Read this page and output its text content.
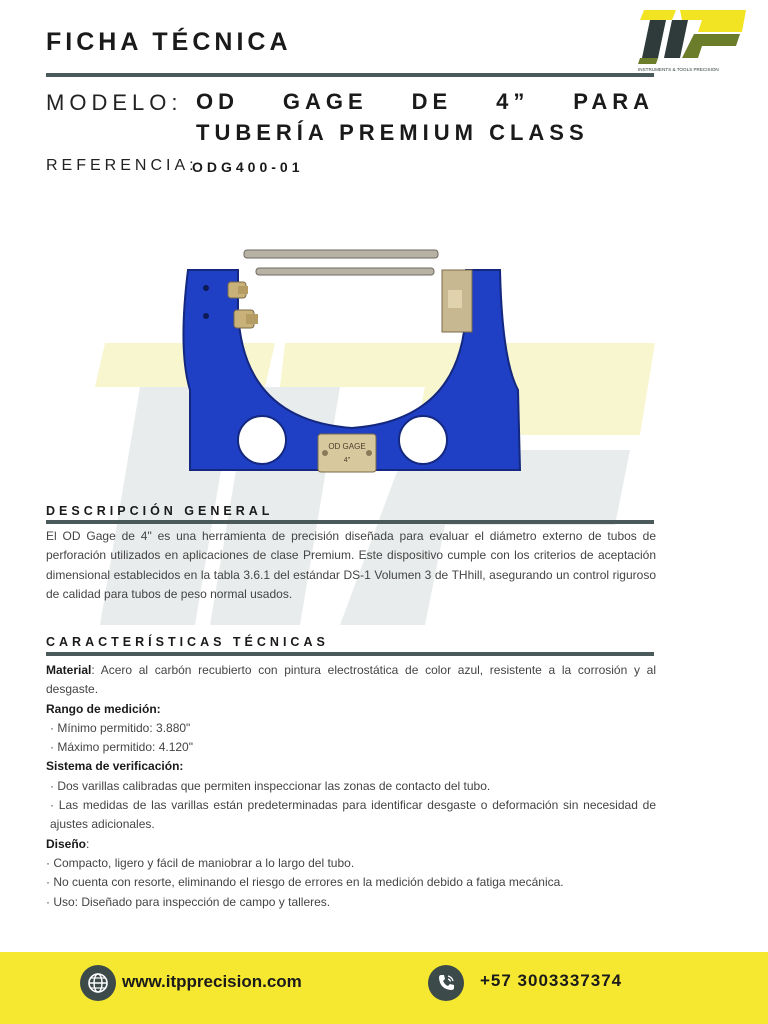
FICHA TÉCNICA
MODELO: OD GAGE DE 4” PARA TUBERÍA PREMIUM CLASS
REFERENCIA:
ODG400-01
INSTRUMENTS & TOOLS PRECISION
OD GAGE
4"
DESCRIPCIÓN GENERAL
El OD Gage de 4" es una herramienta de precisión diseñada para evaluar el diámetro externo de tubos de perforación utilizados en aplicaciones de clase Premium. Este dispositivo cumple con los criterios de aceptación dimensional establecidos en la tabla 3.6.1 del estándar DS-1 Volumen 3 de THhill, asegurando un control riguroso de calidad para tubos de peso normal usados.
CARACTERÍSTICAS TÉCNICAS
Material: Acero al carbón recubierto con pintura electrostática de color azul, resistente a la corrosión y al desgaste.
Rango de medición:
· Mínimo permitido: 3.880"
· Máximo permitido: 4.120"
Sistema de verificación:
· Dos varillas calibradas que permiten inspeccionar las zonas de contacto del tubo.
· Las medidas de las varillas están predeterminadas para identificar desgaste o deformación sin necesidad de ajustes adicionales.
Diseño:
· Compacto, ligero y fácil de maniobrar a lo largo del tubo.
· No cuenta con resorte, eliminando el riesgo de errores en la medición debido a fatiga mecánica.
· Uso: Diseñado para inspección de campo y talleres.
www.itpprecision.com	+57 3003337374
